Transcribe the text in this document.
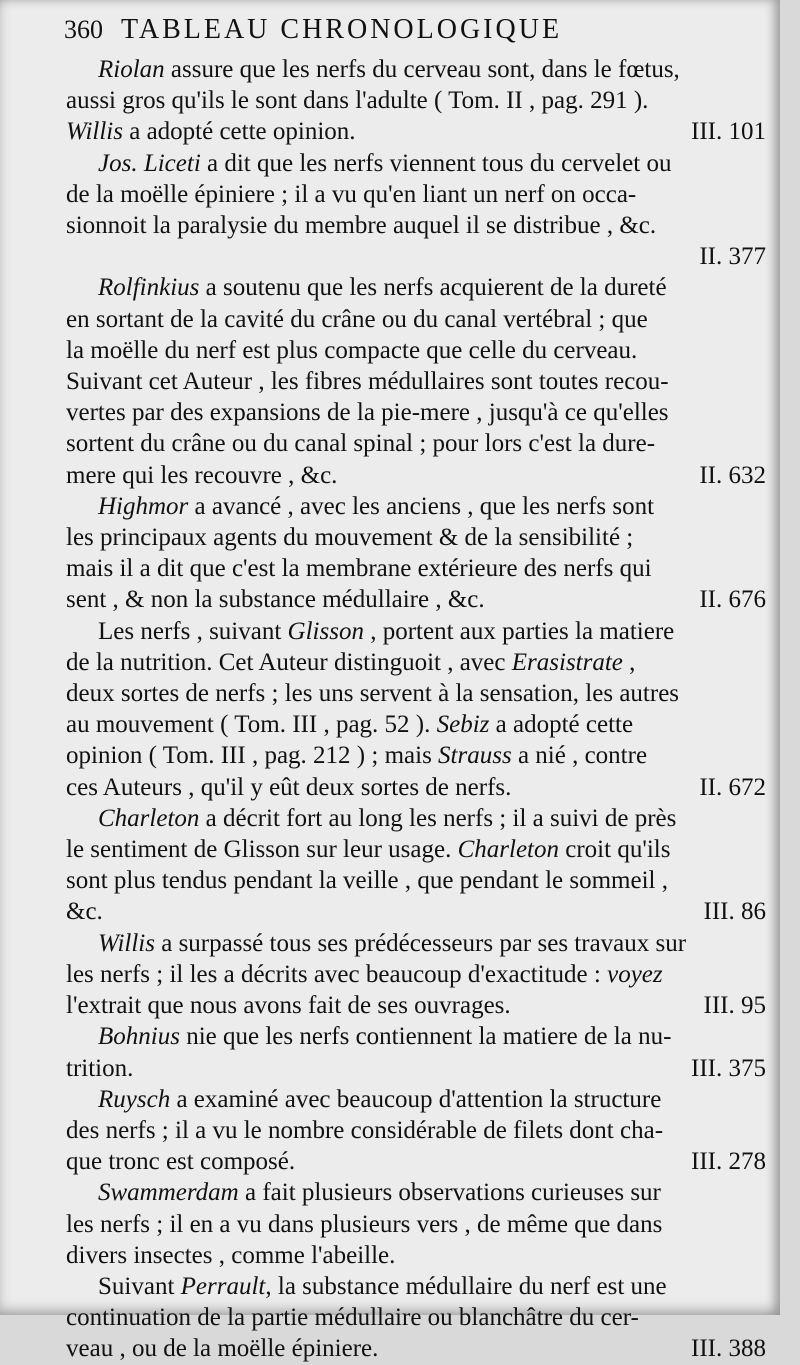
360 TABLEAU CHRONOLOGIQUE
Riolan assure que les nerfs du cerveau sont, dans le fœtus,
aussi gros qu'ils le sont dans l'adulte ( Tom. II , pag. 291 ).
Willis a adopté cette opinion.	III. 101
Jos. Liceti a dit que les nerfs viennent tous du cervelet ou
de la moëlle épiniere ; il a vu qu'en liant un nerf on occa-
sionnoit la paralysie du membre auquel il se distribue , &c.
II. 377
Rolfinkius a soutenu que les nerfs acquierent de la dureté
en sortant de la cavité du crâne ou du canal vertébral ; que
la moëlle du nerf est plus compacte que celle du cerveau.
Suivant cet Auteur , les fibres médullaires sont toutes recou-
vertes par des expansions de la pie-mere , jusqu'à ce qu'elles
sortent du crâne ou du canal spinal ; pour lors c'est la dure-
mere qui les recouvre , &c.	II. 632
Highmor a avancé , avec les anciens , que les nerfs sont
les principaux agents du mouvement & de la sensibilité ;
mais il a dit que c'est la membrane extérieure des nerfs qui
sent , & non la substance médullaire , &c.	II. 676
Les nerfs , suivant Glisson , portent aux parties la matiere
de la nutrition. Cet Auteur distinguoit , avec Erasistrate ,
deux sortes de nerfs ; les uns servent à la sensation, les autres
au mouvement ( Tom. III , pag. 52 ). Sebiz a adopté cette
opinion ( Tom. III , pag. 212 ) ; mais Strauss a nié , contre
ces Auteurs , qu'il y eût deux sortes de nerfs.	II. 672
Charleton a décrit fort au long les nerfs ; il a suivi de près
le sentiment de Glisson sur leur usage. Charleton croit qu'ils
sont plus tendus pendant la veille , que pendant le sommeil ,
&c.	III. 86
Willis a surpassé tous ses prédécesseurs par ses travaux sur
les nerfs ; il les a décrits avec beaucoup d'exactitude : voyez
l'extrait que nous avons fait de ses ouvrages.	III. 95
Bohnius nie que les nerfs contiennent la matiere de la nu-
trition.	III. 375
Ruysch a examiné avec beaucoup d'attention la structure
des nerfs ; il a vu le nombre considérable de filets dont cha-
que tronc est composé.	III. 278
Swammerdam a fait plusieurs observations curieuses sur
les nerfs ; il en a vu dans plusieurs vers , de même que dans
divers insectes , comme l'abeille.
Suivant Perrault, la substance médullaire du nerf est une
continuation de la partie médullaire ou blanchâtre du cer-
veau , ou de la moëlle épiniere.	III. 388
